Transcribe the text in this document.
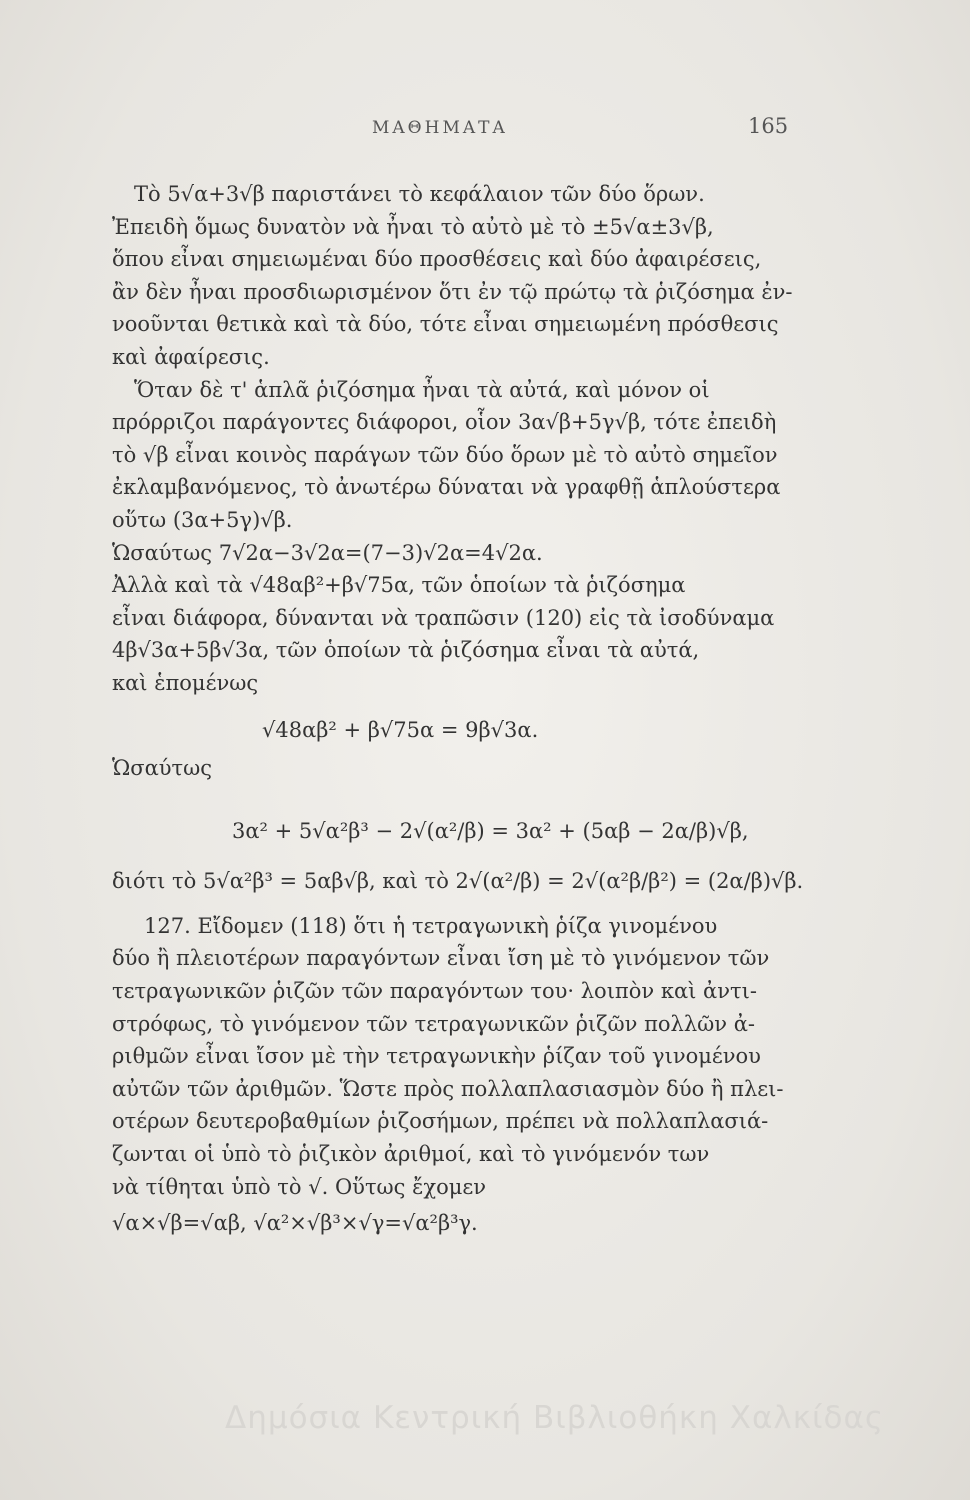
ΜΑΘΗΜΑΤΑ	165
Τὸ 5√α+3√β παριστάνει τὸ κεφάλαιον τῶν δύο ὅρων.
Ἐπειδὴ ὅμως δυνατὸν νὰ ἦναι τὸ αὐτὸ μὲ τὸ ±5√α±3√β,
ὅπου εἶναι σημειωμέναι δύο προσθέσεις καὶ δύο ἀφαιρέσεις,
ἂν δὲν ἦναι προσδιωρισμένον ὅτι ἐν τῷ πρώτῳ τὰ ῥιζόσημα ἐν-
νοοῦνται θετικὰ καὶ τὰ δύο, τότε εἶναι σημειωμένη πρόσθεσις
καὶ ἀφαίρεσις.
Ὅταν δὲ τ' ἁπλᾶ ῥιζόσημα ἦναι τὰ αὐτά, καὶ μόνον οἱ
πρόρριζοι παράγοντες διάφοροι, οἷον 3α√β+5γ√β, τότε ἐπειδὴ
τὸ √β εἶναι κοινὸς παράγων τῶν δύο ὅρων μὲ τὸ αὐτὸ σημεῖον
ἐκλαμβανόμενος, τὸ ἀνωτέρω δύναται νὰ γραφθῇ ἁπλούστερα
οὕτω (3α+5γ)√β.
Ὡσαύτως 7√2α−3√2α=(7−3)√2α=4√2α.
Ἀλλὰ καὶ τὰ √48αβ²+β√75α, τῶν ὁποίων τὰ ῥιζόσημα
εἶναι διάφορα, δύνανται νὰ τραπῶσιν (120) εἰς τὰ ἰσοδύναμα
4β√3α+5β√3α, τῶν ὁποίων τὰ ῥιζόσημα εἶναι τὰ αὐτά,
καὶ ἑπομένως
√48αβ² + β√75α = 9β√3α.
Ὡσαύτως
3α² + 5√α²β³ − 2√(α²/β) = 3α² + (5αβ − 2α/β)√β,
διότι τὸ 5√α²β³ = 5αβ√β, καὶ τὸ 2√(α²/β) = 2√(α²β/β²) = (2α/β)√β.
127. Εἴδομεν (118) ὅτι ἡ τετραγωνικὴ ῥίζα γινομένου
δύο ἢ πλειοτέρων παραγόντων εἶναι ἴση μὲ τὸ γινόμενον τῶν
τετραγωνικῶν ῥιζῶν τῶν παραγόντων του· λοιπὸν καὶ ἀντι-
στρόφως, τὸ γινόμενον τῶν τετραγωνικῶν ῥιζῶν πολλῶν ἀ-
ριθμῶν εἶναι ἴσον μὲ τὴν τετραγωνικὴν ῥίζαν τοῦ γινομένου
αὐτῶν τῶν ἀριθμῶν. Ὥστε πρὸς πολλαπλασιασμὸν δύο ἢ πλει-
οτέρων δευτεροβαθμίων ῥιζοσήμων, πρέπει νὰ πολλαπλασιά-
ζωνται οἱ ὑπὸ τὸ ῥιζικὸν ἀριθμοί, καὶ τὸ γινόμενόν των
νὰ τίθηται ὑπὸ τὸ √. Οὕτως ἔχομεν
√α×√β=√αβ, √α²×√β³×√γ=√α²β³γ.
Δημόσια Κεντρική Βιβλιοθήκη Χαλκίδας
